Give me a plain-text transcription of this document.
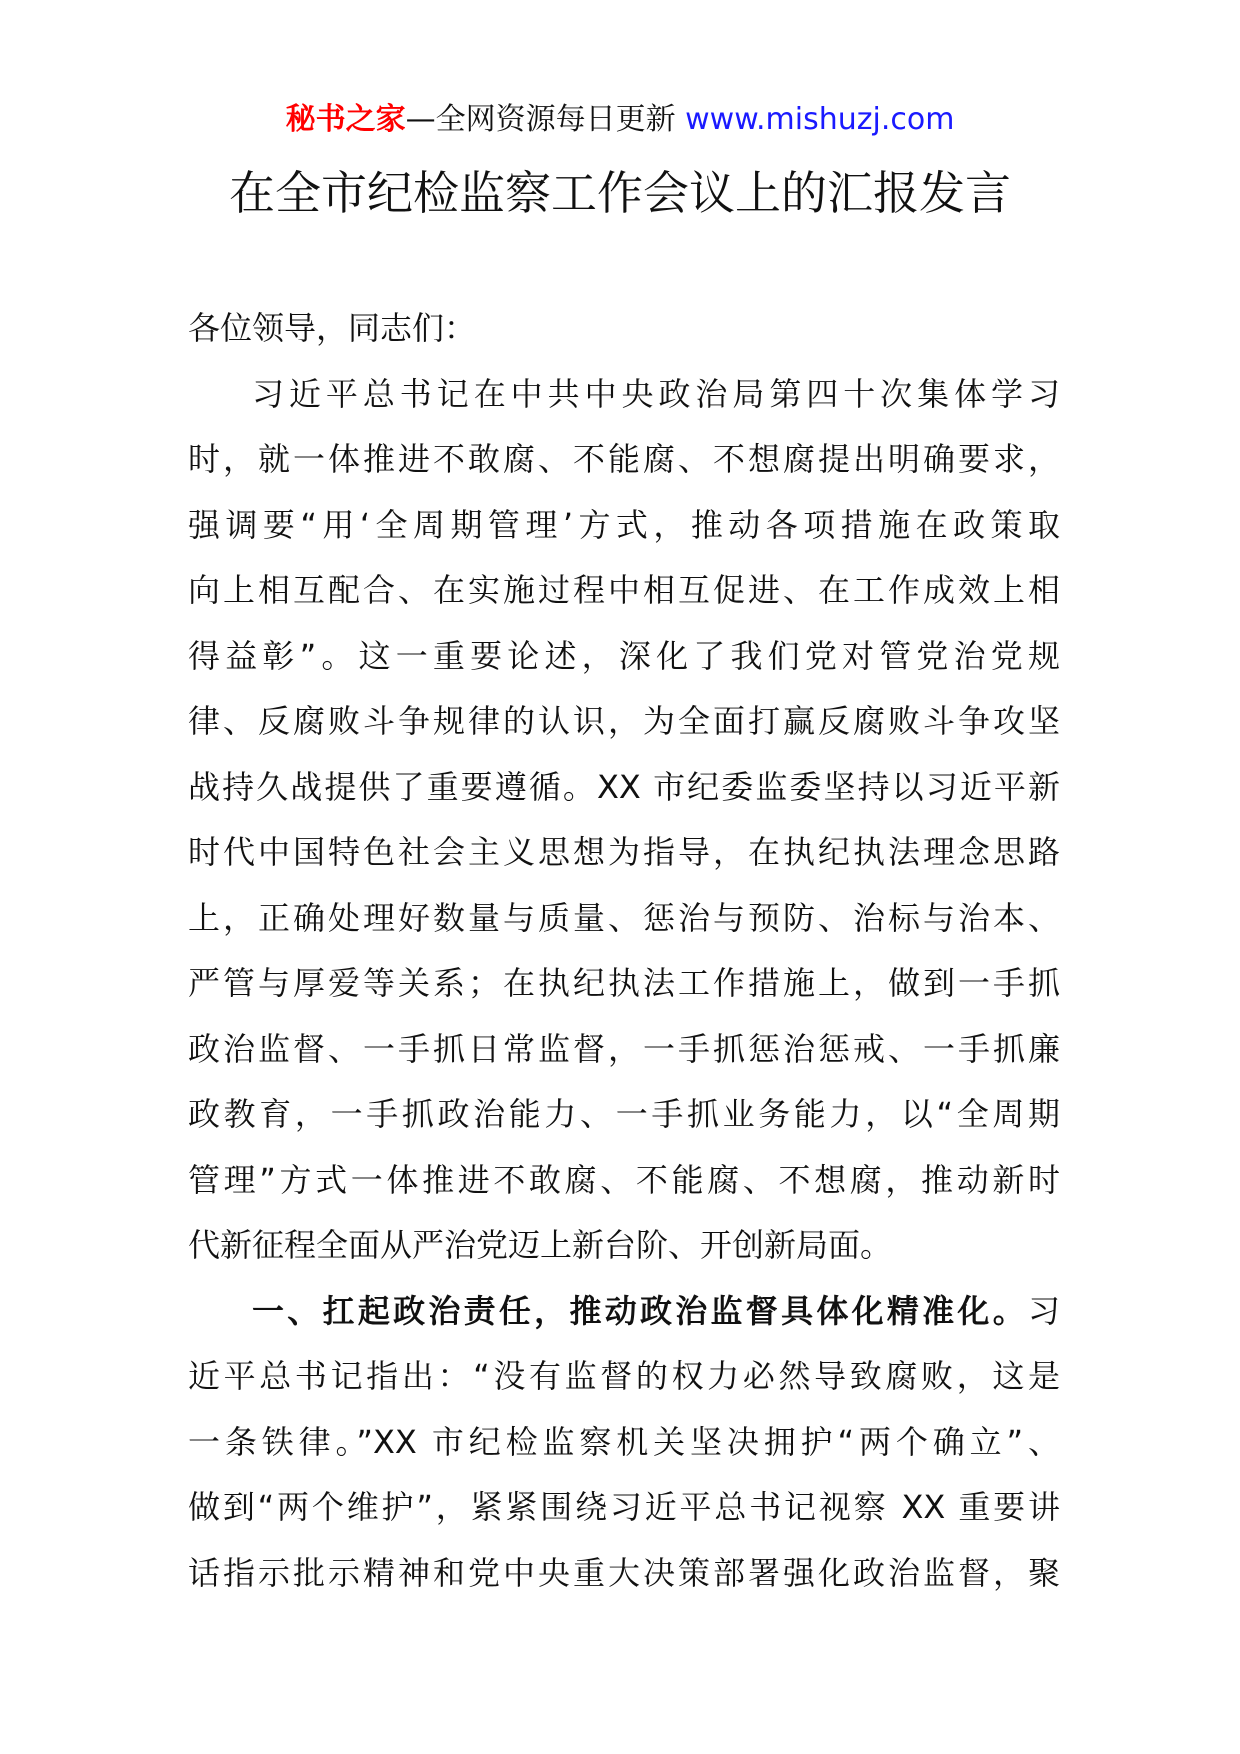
秘书之家—全网资源每日更新 www.mishuzj.com
在全市纪检监察工作会议上的汇报发言
各位领导，同志们：
习近平总书记在中共中央政治局第四十次集体学习
时，就一体推进不敢腐、不能腐、不想腐提出明确要求，
强调要“用‘全周期管理’方式，推动各项措施在政策取
向上相互配合、在实施过程中相互促进、在工作成效上相
得益彰”。这一重要论述，深化了我们党对管党治党规
律、反腐败斗争规律的认识，为全面打赢反腐败斗争攻坚
战持久战提供了重要遵循。XX 市纪委监委坚持以习近平新
时代中国特色社会主义思想为指导，在执纪执法理念思路
上，正确处理好数量与质量、惩治与预防、治标与治本、
严管与厚爱等关系；在执纪执法工作措施上，做到一手抓
政治监督、一手抓日常监督，一手抓惩治惩戒、一手抓廉
政教育，一手抓政治能力、一手抓业务能力，以“全周期
管理”方式一体推进不敢腐、不能腐、不想腐，推动新时
代新征程全面从严治党迈上新台阶、开创新局面。
一、扛起政治责任，推动政治监督具体化精准化。习
近平总书记指出：“没有监督的权力必然导致腐败，这是
一条铁律。”XX 市纪检监察机关坚决拥护“两个确立”、
做到“两个维护”，紧紧围绕习近平总书记视察 XX 重要讲
话指示批示精神和党中央重大决策部署强化政治监督，聚
